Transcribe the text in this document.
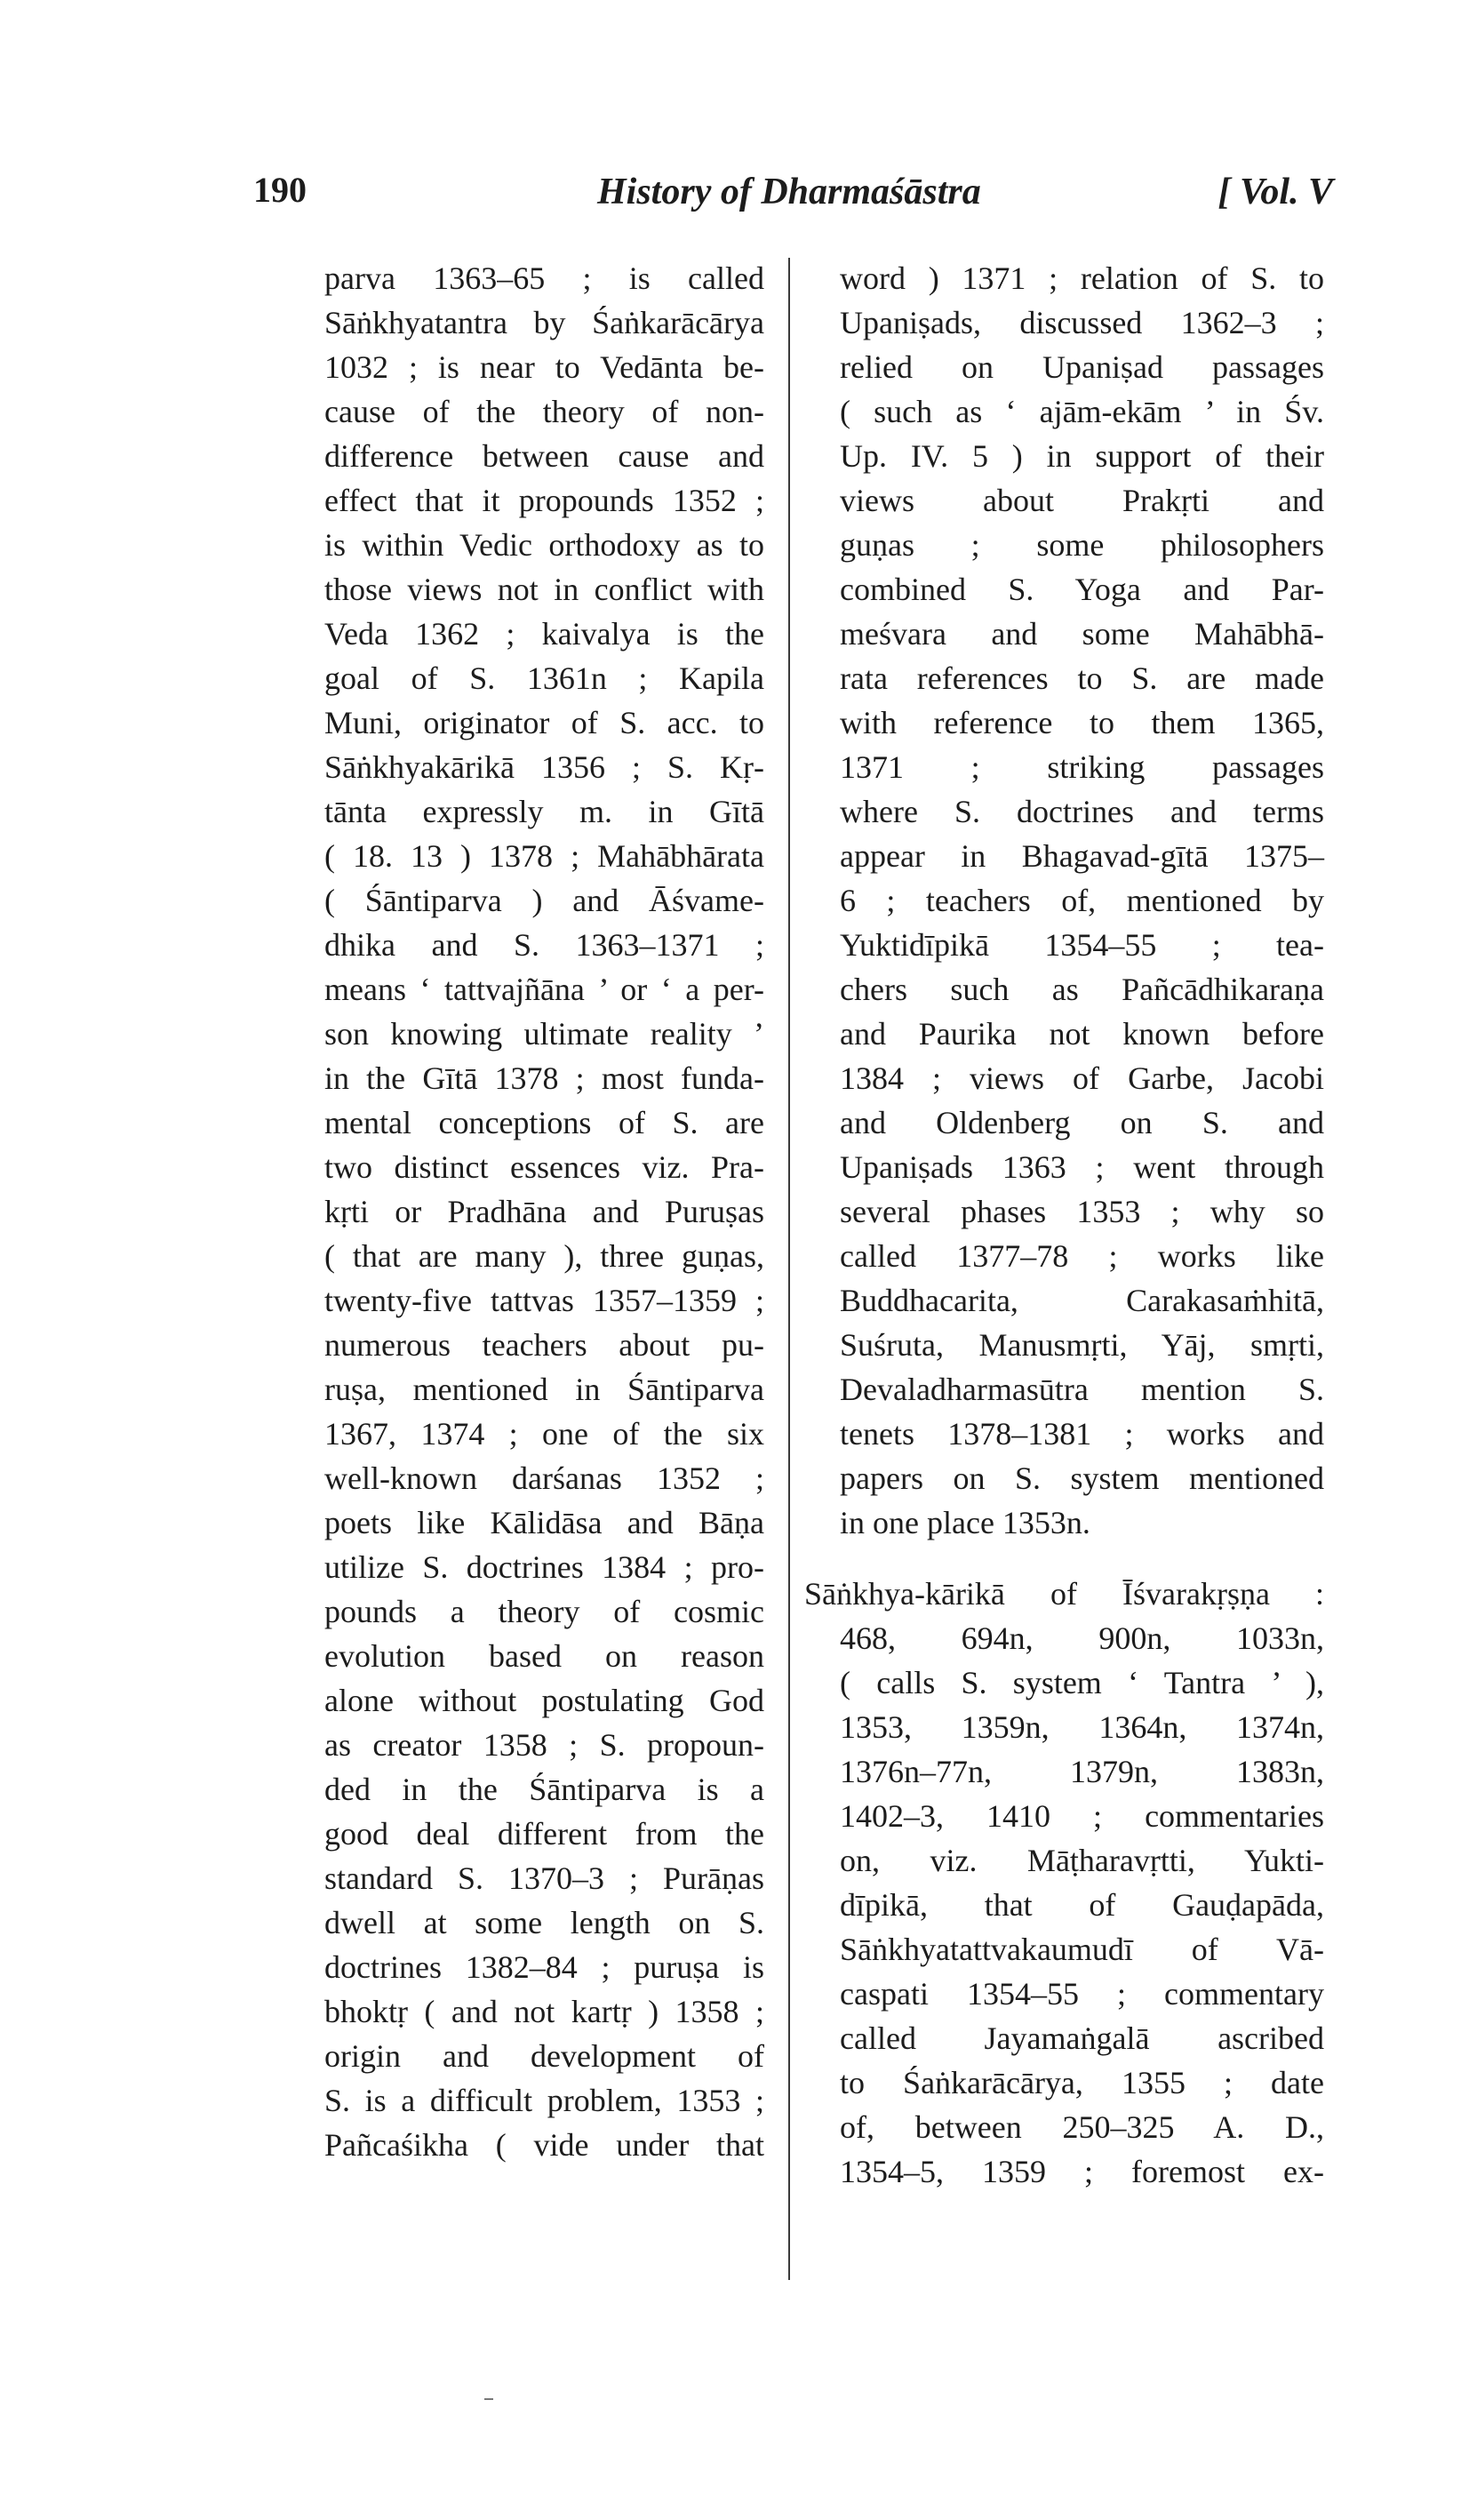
190	History of Dharmaśāstra	[ Vol. V
parva 1363–65 ; is called
Sāṅkhyatantra by Śaṅkarācārya
1032 ; is near to Vedānta be-
cause of the theory of non-
difference between cause and
effect that it propounds 1352 ;
is within Vedic orthodoxy as to
those views not in conflict with
Veda 1362 ; kaivalya is the
goal of S. 1361n ; Kapila
Muni, originator of S. acc. to
Sāṅkhyakārikā 1356 ; S. Kṛ-
tānta expressly m. in Gītā
( 18. 13 ) 1378 ; Mahābhārata
( Śāntiparva ) and Āśvame-
dhika and S. 1363–1371 ;
means ‘ tattvajñāna ’ or ‘ a per-
son knowing ultimate reality ’
in the Gītā 1378 ; most funda-
mental conceptions of S. are
two distinct essences viz. Pra-
kṛti or Pradhāna and Puruṣas
( that are many ), three guṇas,
twenty-five tattvas 1357–1359 ;
numerous teachers about pu-
ruṣa, mentioned in Śāntiparva
1367, 1374 ; one of the six
well-known darśanas 1352 ;
poets like Kālidāsa and Bāṇa
utilize S. doctrines 1384 ; pro-
pounds a theory of cosmic
evolution based on reason
alone without postulating God
as creator 1358 ; S. propoun-
ded in the Śāntiparva is a
good deal different from the
standard S. 1370–3 ; Purāṇas
dwell at some length on S.
doctrines 1382–84 ; puruṣa is
bhoktṛ ( and not kartṛ ) 1358 ;
origin and development of
S. is a difficult problem, 1353 ;
Pañcaśikha ( vide under that
word ) 1371 ; relation of S. to
Upaniṣads, discussed 1362–3 ;
relied on Upaniṣad passages
( such as ‘ ajām-ekām ’ in Śv.
Up. IV. 5 ) in support of their
views about Prakṛti and
guṇas ; some philosophers
combined S. Yoga and Par-
meśvara and some Mahābhā-
rata references to S. are made
with reference to them 1365,
1371 ; striking passages
where S. doctrines and terms
appear in Bhagavad-gītā 1375–
6 ; teachers of, mentioned by
Yuktidīpikā 1354–55 ; tea-
chers such as Pañcādhikaraṇa
and Paurika not known before
1384 ; views of Garbe, Jacobi
and Oldenberg on S. and
Upaniṣads 1363 ; went through
several phases 1353 ; why so
called 1377–78 ; works like
Buddhacarita, Carakasaṁhitā,
Suśruta, Manusmṛti, Yāj, smṛti,
Devaladharmasūtra mention S.
tenets 1378–1381 ; works and
papers on S. system mentioned
in one place 1353n.
Sāṅkhya-kārikā of Īśvarakṛṣṇa :
468, 694n, 900n, 1033n,
( calls S. system ‘ Tantra ’ ),
1353, 1359n, 1364n, 1374n,
1376n–77n, 1379n, 1383n,
1402–3, 1410 ; commentaries
on, viz. Māṭharavṛtti, Yukti-
dīpikā, that of Gauḍapāda,
Sāṅkhyatattvakaumudī of Vā-
caspati 1354–55 ; commentary
called Jayamaṅgalā ascribed
to Śaṅkarācārya, 1355 ; date
of, between 250–325 A. D.,
1354–5, 1359 ; foremost ex-
